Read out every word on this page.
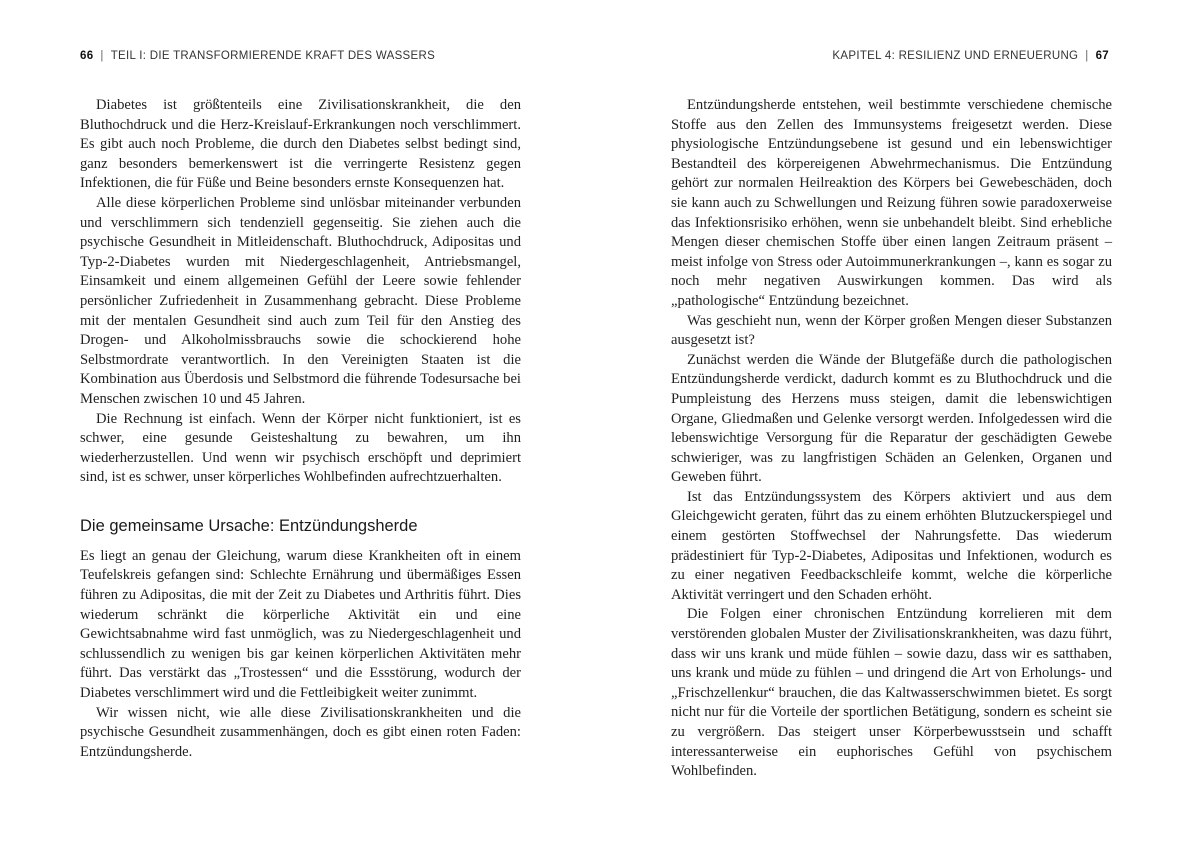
66 | TEIL I: DIE TRANSFORMIERENDE KRAFT DES WASSERS

Diabetes ist größtenteils eine Zivilisationskrankheit, die den Bluthochdruck und die Herz-Kreislauf-Erkrankungen noch verschlimmert. Es gibt auch noch Probleme, die durch den Diabetes selbst bedingt sind, ganz besonders bemerkenswert ist die verringerte Resistenz gegen Infektionen, die für Füße und Beine besonders ernste Konsequenzen hat.

Alle diese körperlichen Probleme sind unlösbar miteinander verbunden und verschlimmern sich tendenziell gegenseitig. Sie ziehen auch die psychische Gesundheit in Mitleidenschaft. Bluthochdruck, Adipositas und Typ-2-Diabetes wurden mit Niedergeschlagenheit, Antriebsmangel, Einsamkeit und einem allgemeinen Gefühl der Leere sowie fehlender persönlicher Zufriedenheit in Zusammenhang gebracht. Diese Probleme mit der mentalen Gesundheit sind auch zum Teil für den Anstieg des Drogen- und Alkoholmissbrauchs sowie die schockierend hohe Selbstmordrate verantwortlich. In den Vereinigten Staaten ist die Kombination aus Überdosis und Selbstmord die führende Todesursache bei Menschen zwischen 10 und 45 Jahren.

Die Rechnung ist einfach. Wenn der Körper nicht funktioniert, ist es schwer, eine gesunde Geisteshaltung zu bewahren, um ihn wiederherzustellen. Und wenn wir psychisch erschöpft und deprimiert sind, ist es schwer, unser körperliches Wohlbefinden aufrechtzuerhalten.

Die gemeinsame Ursache: Entzündungsherde

Es liegt an genau der Gleichung, warum diese Krankheiten oft in einem Teufelskreis gefangen sind: Schlechte Ernährung und übermäßiges Essen führen zu Adipositas, die mit der Zeit zu Diabetes und Arthritis führt. Dies wiederum schränkt die körperliche Aktivität ein und eine Gewichtsabnahme wird fast unmöglich, was zu Niedergeschlagenheit und schlussendlich zu wenigen bis gar keinen körperlichen Aktivitäten mehr führt. Das verstärkt das „Trostessen“ und die Essstörung, wodurch der Diabetes verschlimmert wird und die Fettleibigkeit weiter zunimmt.

Wir wissen nicht, wie alle diese Zivilisationskrankheiten und die psychische Gesundheit zusammenhängen, doch es gibt einen roten Faden: Entzündungsherde.

KAPITEL 4: RESILIENZ UND ERNEUERUNG | 67

Entzündungsherde entstehen, weil bestimmte verschiedene chemische Stoffe aus den Zellen des Immunsystems freigesetzt werden. Diese physiologische Entzündungsebene ist gesund und ein lebenswichtiger Bestandteil des körpereigenen Abwehrmechanismus. Die Entzündung gehört zur normalen Heilreaktion des Körpers bei Gewebeschäden, doch sie kann auch zu Schwellungen und Reizung führen sowie paradoxerweise das Infektionsrisiko erhöhen, wenn sie unbehandelt bleibt. Sind erhebliche Mengen dieser chemischen Stoffe über einen langen Zeitraum präsent – meist infolge von Stress oder Autoimmunerkrankungen –, kann es sogar zu noch mehr negativen Auswirkungen kommen. Das wird als „pathologische“ Entzündung bezeichnet.

Was geschieht nun, wenn der Körper großen Mengen dieser Substanzen ausgesetzt ist?

Zunächst werden die Wände der Blutgefäße durch die pathologischen Entzündungsherde verdickt, dadurch kommt es zu Bluthochdruck und die Pumpleistung des Herzens muss steigen, damit die lebenswichtigen Organe, Gliedmaßen und Gelenke versorgt werden. Infolgedessen wird die lebenswichtige Versorgung für die Reparatur der geschädigten Gewebe schwieriger, was zu langfristigen Schäden an Gelenken, Organen und Geweben führt.

Ist das Entzündungssystem des Körpers aktiviert und aus dem Gleichgewicht geraten, führt das zu einem erhöhten Blutzuckerspiegel und einem gestörten Stoffwechsel der Nahrungsfette. Das wiederum prädestiniert für Typ-2-Diabetes, Adipositas und Infektionen, wodurch es zu einer negativen Feedbackschleife kommt, welche die körperliche Aktivität verringert und den Schaden erhöht.

Die Folgen einer chronischen Entzündung korrelieren mit dem verstörenden globalen Muster der Zivilisationskrankheiten, was dazu führt, dass wir uns krank und müde fühlen – sowie dazu, dass wir es satthaben, uns krank und müde zu fühlen – und dringend die Art von Erholungs- und „Frischzellenkur“ brauchen, die das Kaltwasserschwimmen bietet. Es sorgt nicht nur für die Vorteile der sportlichen Betätigung, sondern es scheint sie zu vergrößern. Das steigert unser Körperbewusstsein und schafft interessanterweise ein euphorisches Gefühl von psychischem Wohlbefinden.
